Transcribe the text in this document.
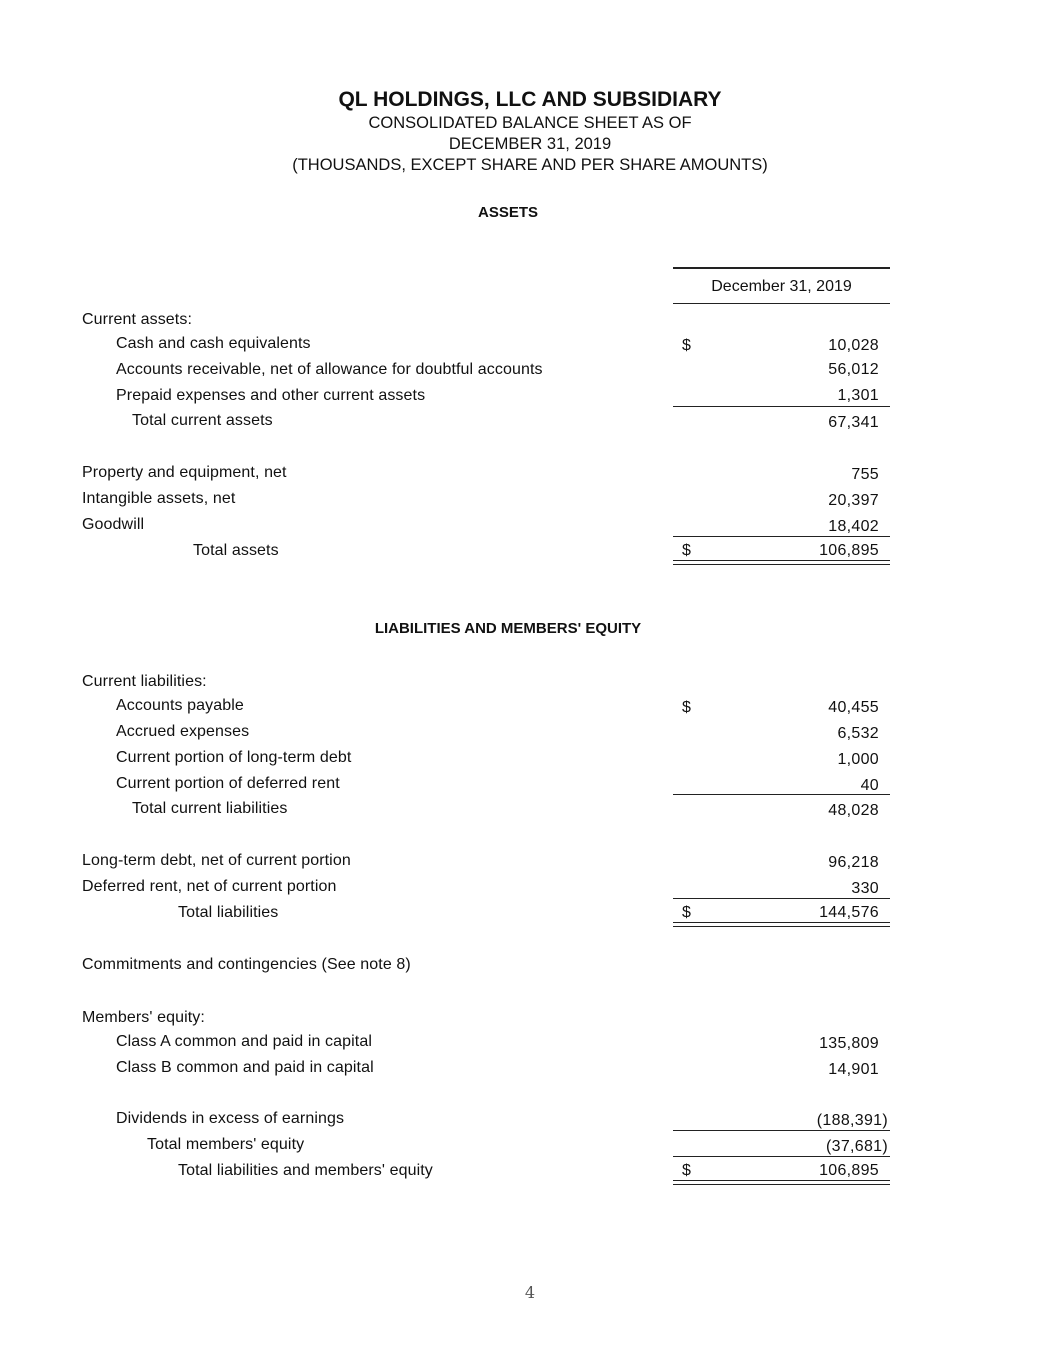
QL HOLDINGS, LLC AND SUBSIDIARY
CONSOLIDATED BALANCE SHEET AS OF
DECEMBER 31, 2019
(THOUSANDS, EXCEPT SHARE AND PER SHARE AMOUNTS)
ASSETS
December 31, 2019
Current assets:
Cash and cash equivalents	$	10,028
Accounts receivable, net of allowance for doubtful accounts	56,012
Prepaid expenses and other current assets	1,301
Total current assets	67,341
Property and equipment, net	755
Intangible assets, net	20,397
Goodwill	18,402
Total assets	$	106,895
LIABILITIES AND MEMBERS' EQUITY
Current liabilities:
Accounts payable	$	40,455
Accrued expenses	6,532
Current portion of long-term debt	1,000
Current portion of deferred rent	40
Total current liabilities	48,028
Long-term debt, net of current portion	96,218
Deferred rent, net of current portion	330
Total liabilities	$	144,576
Commitments and contingencies (See note 8)
Members' equity:
Class A common and paid in capital	135,809
Class B common and paid in capital	14,901
Dividends in excess of earnings	(188,391)
Total members' equity	(37,681)
Total liabilities and members' equity	$	106,895
4
